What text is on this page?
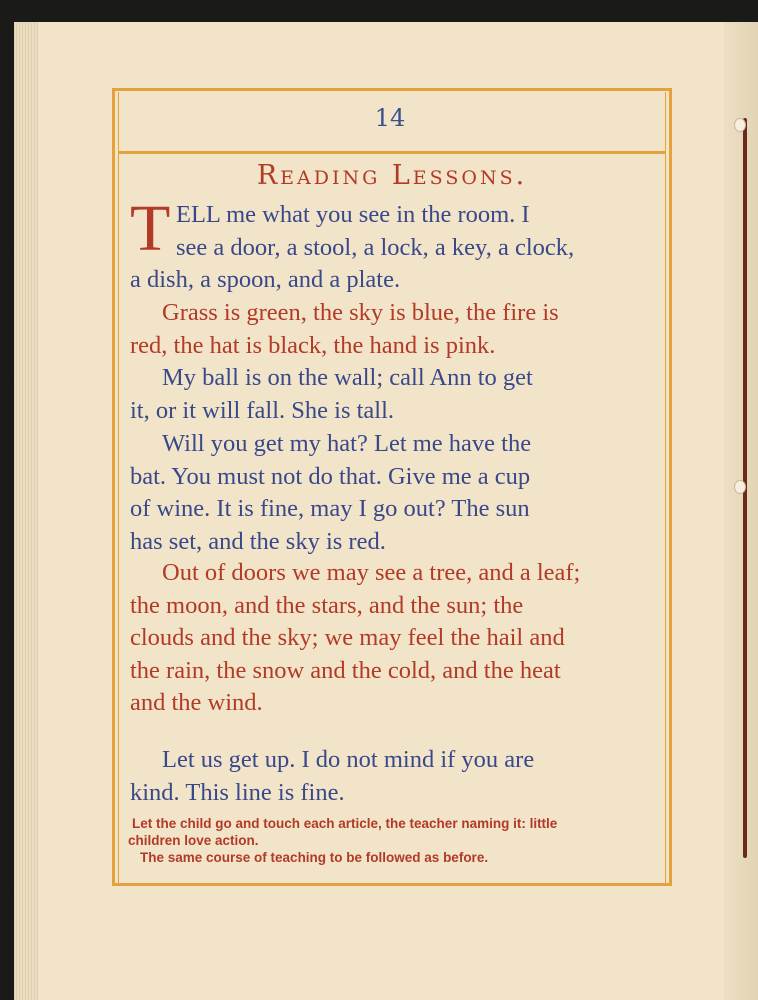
14
Reading Lessons.
T ELL me what you see in the room. I
see a door, a stool, a lock, a key, a clock,
a dish, a spoon, and a plate.
Grass is green, the sky is blue, the fire is
red, the hat is black, the hand is pink.
My ball is on the wall; call Ann to get
it, or it will fall. She is tall.
Will you get my hat? Let me have the
bat. You must not do that. Give me a cup
of wine. It is fine, may I go out? The sun
has set, and the sky is red.
Out of doors we may see a tree, and a leaf;
the moon, and the stars, and the sun; the
clouds and the sky; we may feel the hail and
the rain, the snow and the cold, and the heat
and the wind.
Let us get up. I do not mind if you are
kind. This line is fine.
Let the child go and touch each article, the teacher naming it: little
children love action.
The same course of teaching to be followed as before.
